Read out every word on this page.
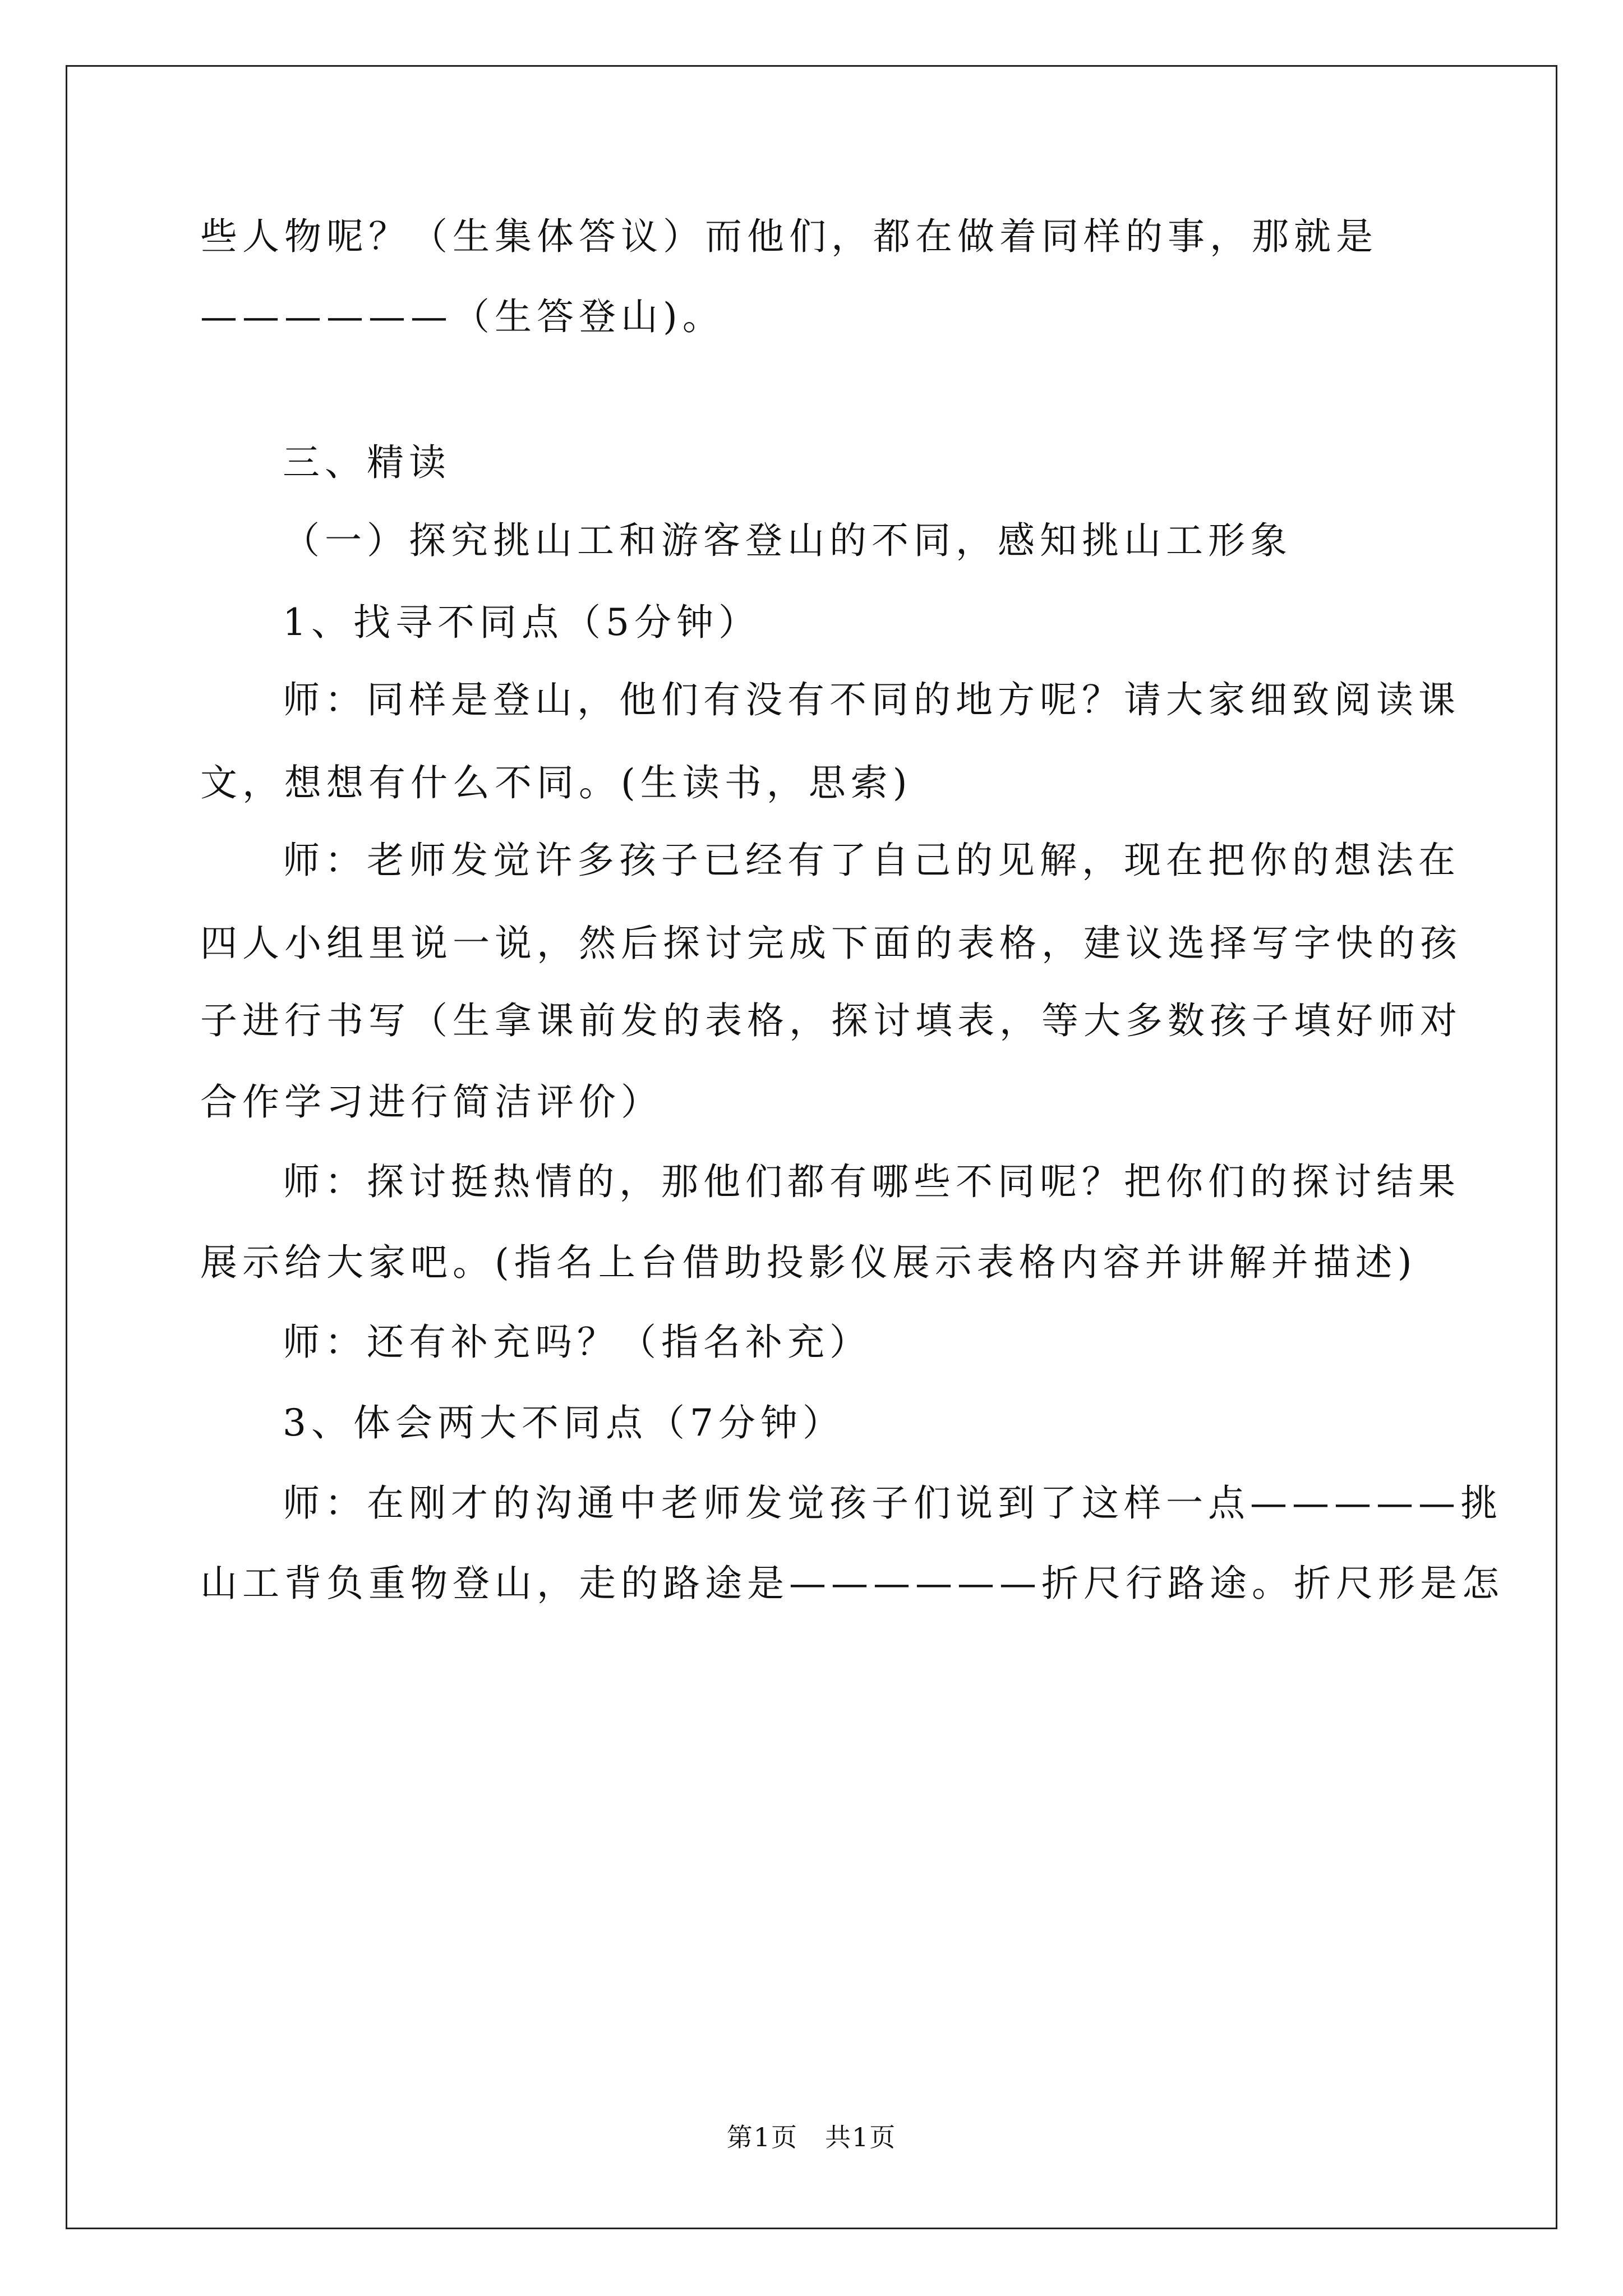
些人物呢？（生集体答议）而他们，都在做着同样的事，那就是
——————（生答登山)。
三、精读
（一）探究挑山工和游客登山的不同，感知挑山工形象
1、找寻不同点（5分钟）
师：同样是登山，他们有没有不同的地方呢？请大家细致阅读课
文，想想有什么不同。(生读书，思索)
师：老师发觉许多孩子已经有了自己的见解，现在把你的想法在
四人小组里说一说，然后探讨完成下面的表格，建议选择写字快的孩
子进行书写（生拿课前发的表格，探讨填表，等大多数孩子填好师对
合作学习进行简洁评价）
师：探讨挺热情的，那他们都有哪些不同呢？把你们的探讨结果
展示给大家吧。(指名上台借助投影仪展示表格内容并讲解并描述)
师：还有补充吗？（指名补充）
3、体会两大不同点（7分钟）
师：在刚才的沟通中老师发觉孩子们说到了这样一点—————挑
山工背负重物登山，走的路途是——————折尺行路途。折尺形是怎
第1页　共1页
